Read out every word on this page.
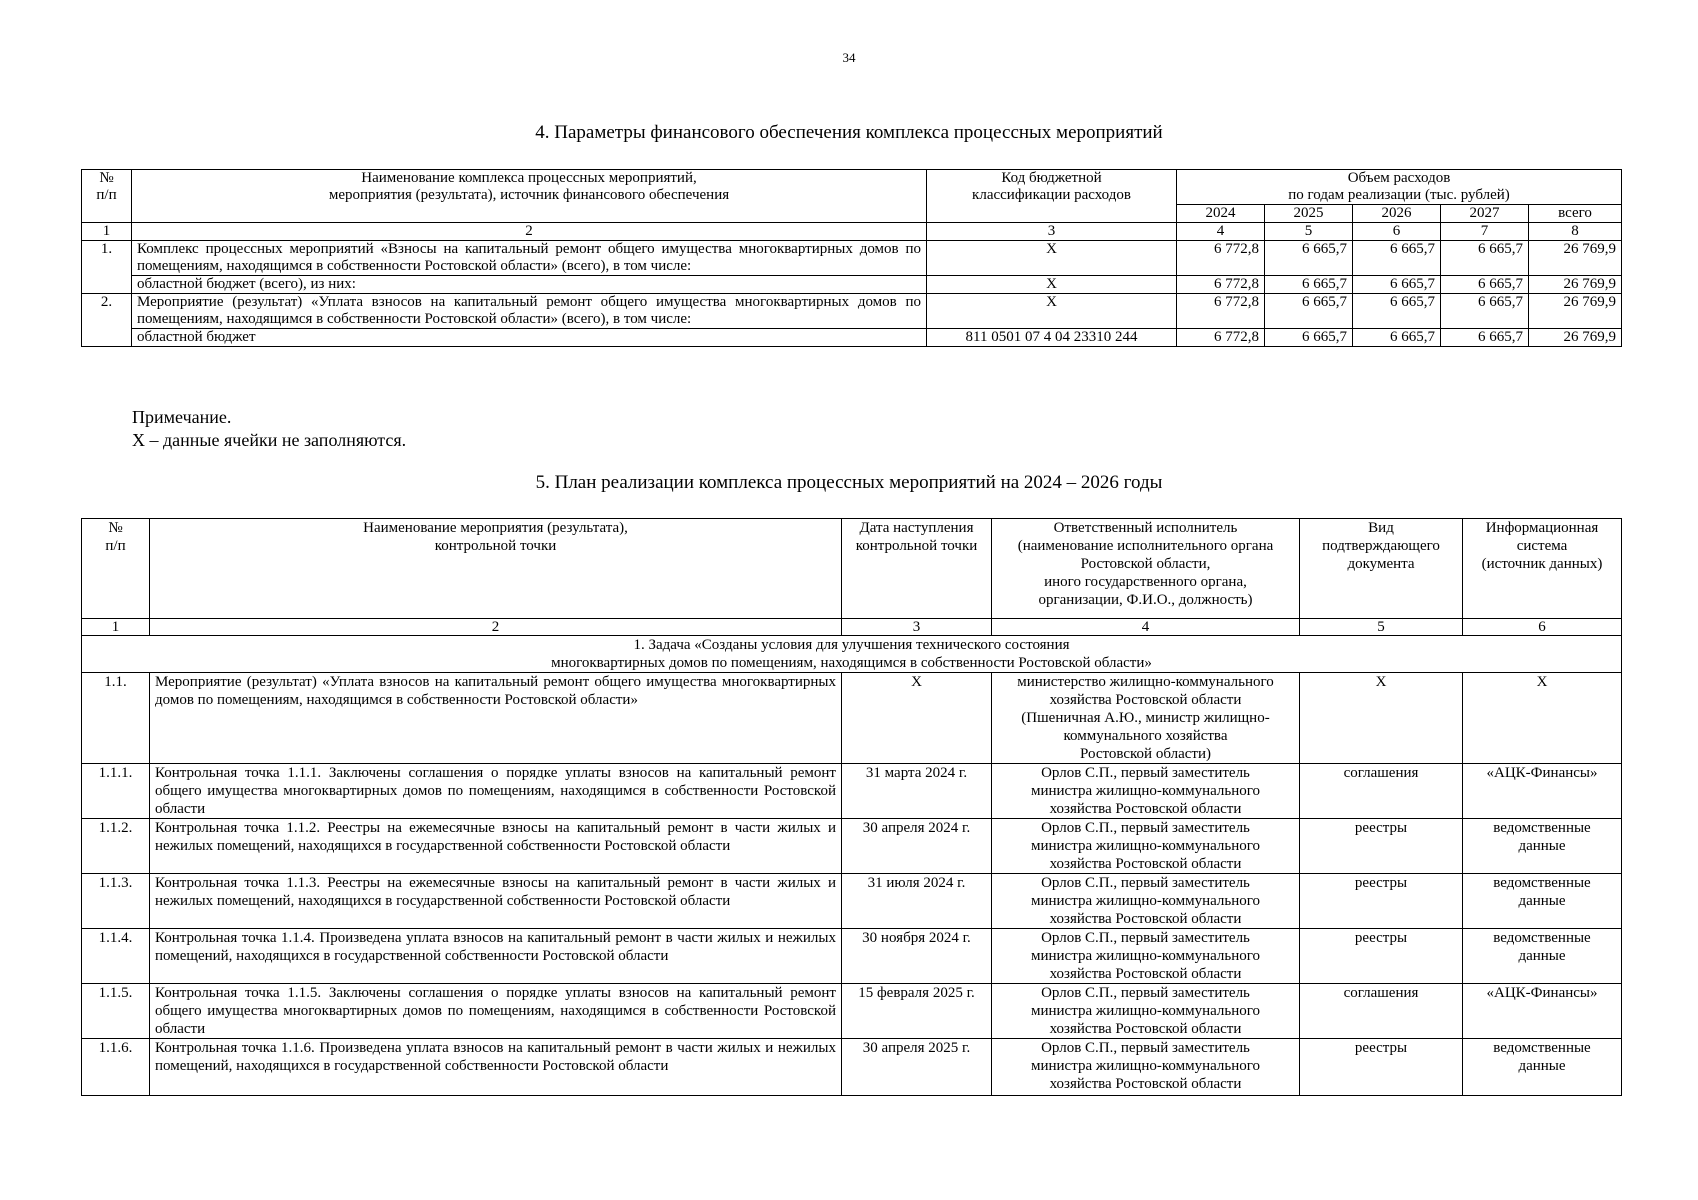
34
4. Параметры финансового обеспечения комплекса процессных мероприятий
№
п/п	Наименование комплекса процессных мероприятий,
мероприятия (результата), источник финансового обеспечения	Код бюджетной
классификации расходов	Объем расходов
по годам реализации (тыс. рублей)				
			2024	2025	2026	2027	всего
1	2	3	4	5	6	7	8
1.	Комплекс процессных мероприятий «Взносы на капитальный ремонт общего имущества многоквартирных домов по помещениям, находящимся в собственности Ростовской области» (всего), в том числе:	X	6 772,8	6 665,7	6 665,7	6 665,7	26 769,9
	областной бюджет (всего), из них:	X	6 772,8	6 665,7	6 665,7	6 665,7	26 769,9
2.	Мероприятие (результат) «Уплата взносов на капитальный ремонт общего имущества многоквартирных домов по помещениям, находящимся в собственности Ростовской области» (всего), в том числе:	X	6 772,8	6 665,7	6 665,7	6 665,7	26 769,9
	областной бюджет	811 0501 07 4 04 23310 244	6 772,8	6 665,7	6 665,7	6 665,7	26 769,9
Примечание.
X – данные ячейки не заполняются.
5. План реализации комплекса процессных мероприятий на 2024 – 2026 годы
№
п/п	Наименование мероприятия (результата),
контрольной точки	Дата наступления
контрольной точки	Ответственный исполнитель
(наименование исполнительного органа
Ростовской области,
иного государственного органа,
организации, Ф.И.О., должность)	Вид
подтверждающего
документа	Информационная
система
(источник данных)
1	2	3	4	5	6
1. Задача «Созданы условия для улучшения технического состояния
многоквартирных домов по помещениям, находящимся в собственности Ростовской области»					
1.1.	Мероприятие (результат) «Уплата взносов на капитальный ремонт общего имущества многоквартирных домов по помещениям, находящимся в собственности Ростовской области»	X	министерство жилищно-коммунального хозяйства Ростовской области
(Пшеничная А.Ю., министр жилищно-коммунального хозяйства
Ростовской области)	X	X
1.1.1.	Контрольная точка 1.1.1. Заключены соглашения о порядке уплаты взносов на капитальный ремонт общего имущества многоквартирных домов по помещениям, находящимся в собственности Ростовской области	31 марта 2024 г.	Орлов С.П., первый заместитель
министра жилищно-коммунального
хозяйства Ростовской области	соглашения	«АЦК-Финансы»
1.1.2.	Контрольная точка 1.1.2. Реестры на ежемесячные взносы на капитальный ремонт в части жилых и нежилых помещений, находящихся в государственной собственности Ростовской области	30 апреля 2024 г.	Орлов С.П., первый заместитель
министра жилищно-коммунального
хозяйства Ростовской области	реестры	ведомственные
данные
1.1.3.	Контрольная точка 1.1.3. Реестры на ежемесячные взносы на капитальный ремонт в части жилых и нежилых помещений, находящихся в государственной собственности Ростовской области	31 июля 2024 г.	Орлов С.П., первый заместитель
министра жилищно-коммунального
хозяйства Ростовской области	реестры	ведомственные
данные
1.1.4.	Контрольная точка 1.1.4. Произведена уплата взносов на капитальный ремонт в части жилых и нежилых помещений, находящихся в государственной собственности Ростовской области	30 ноября 2024 г.	Орлов С.П., первый заместитель
министра жилищно-коммунального
хозяйства Ростовской области	реестры	ведомственные
данные
1.1.5.	Контрольная точка 1.1.5. Заключены соглашения о порядке уплаты взносов на капитальный ремонт общего имущества многоквартирных домов по помещениям, находящимся в собственности Ростовской области	15 февраля 2025 г.	Орлов С.П., первый заместитель
министра жилищно-коммунального
хозяйства Ростовской области	соглашения	«АЦК-Финансы»
1.1.6.	Контрольная точка 1.1.6. Произведена уплата взносов на капитальный ремонт в части жилых и нежилых помещений, находящихся в государственной собственности Ростовской области	30 апреля 2025 г.	Орлов С.П., первый заместитель
министра жилищно-коммунального
хозяйства Ростовской области	реестры	ведомственные
данные
